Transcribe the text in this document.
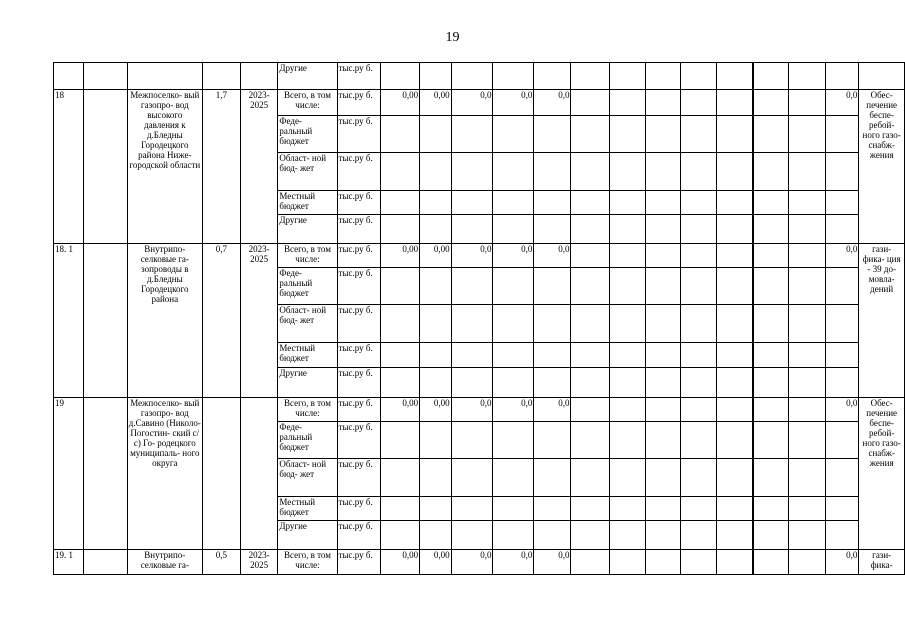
19
					Другие	тыс.ру б.														
18		Межпоселко- вый газопро- вод высокого давления к д.Бледны Городецкого района Ниже- городской области	1,7	2023- 2025	Всего, в том числе:	тыс.ру б.	0,00	0,00	0,0	0,0	0,0								0,0	Обес- печение беспе- ребой- ного газо- снабж- жения
					Феде- ральный бюджет	тыс.ру б.														
					Област- ной бюд- жет	тыс.ру б.														
					Местный бюджет	тыс.ру б.														
					Другие	тыс.ру б.														
18. 1		Внутрипо- селковые га- зопроводы в д.Бледны Городецкого района	0,7	2023- 2025	Всего, в том числе:	тыс.ру б.	0,00	0,00	0,0	0,0	0,0								0,0	гази- фика- ция - 39 до- мовла- дений
					Феде- ральный бюджет	тыс.ру б.														
					Област- ной бюд- жет	тыс.ру б.														
					Местный бюджет	тыс.ру б.														
					Другие	тыс.ру б.														
19		Межпоселко- вый газопро- вод д.Савино (Николо- Погостин- ский с/с) Го- родецкого муниципаль- ного округа			Всего, в том числе:	тыс.ру б.	0,00	0,00	0,0	0,0	0,0								0,0	Обес- печение беспе- ребой- ного газо- снабж- жения
					Феде- ральный бюджет	тыс.ру б.														
					Област- ной бюд- жет	тыс.ру б.														
					Местный бюджет	тыс.ру б.														
					Другие	тыс.ру б.														
19. 1		Внутрипо- селковые га-	0,5	2023- 2025	Всего, в том числе:	тыс.ру б.	0,00	0,00	0,0	0,0	0,0								0,0	гази- фика-
